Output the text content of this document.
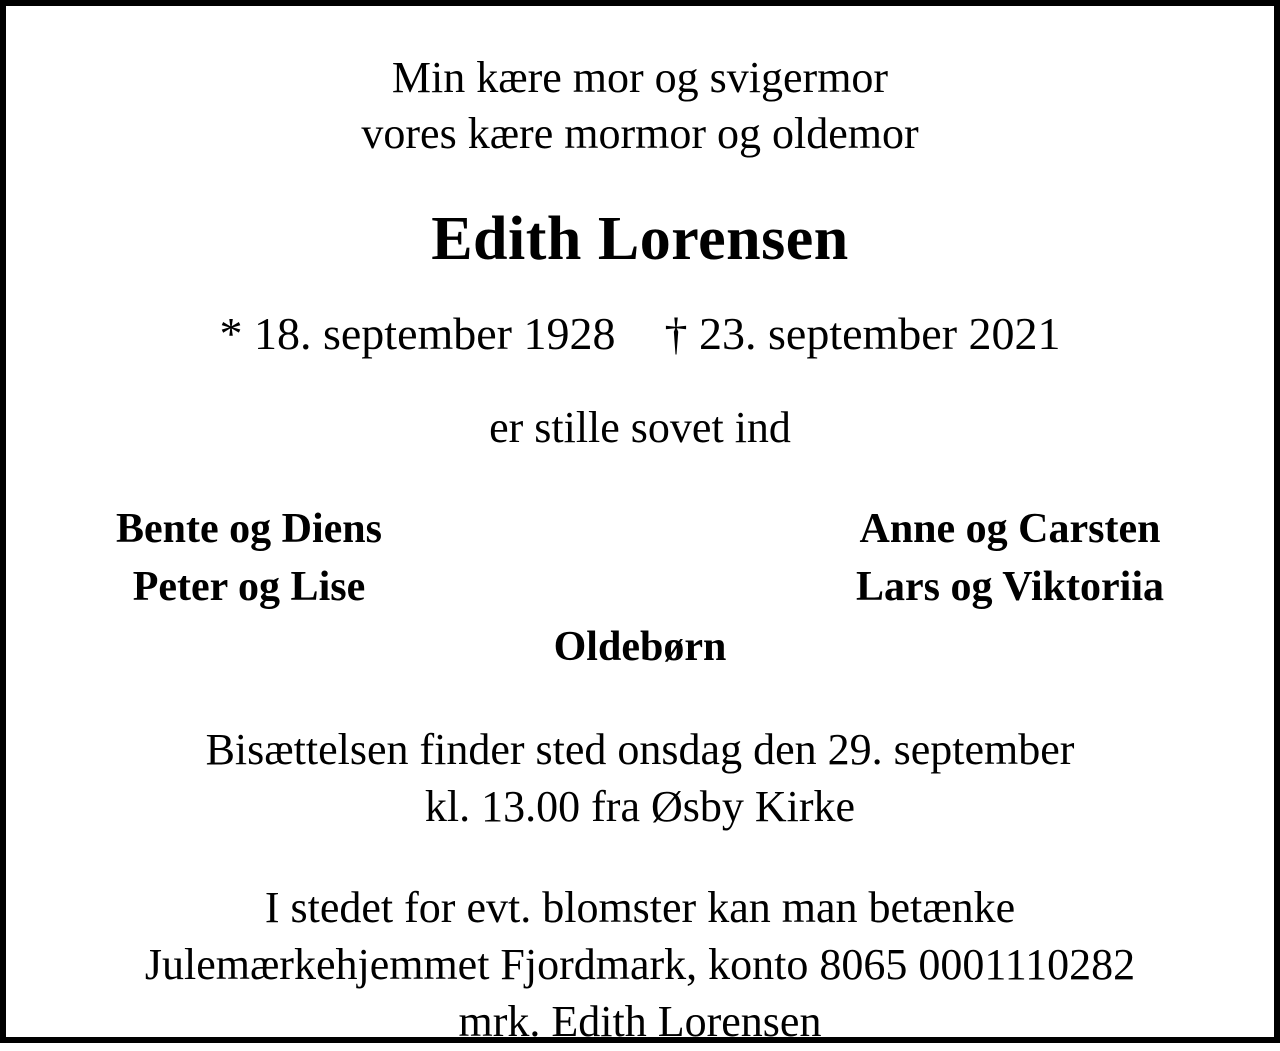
Min kære mor og svigermor
vores kære mormor og oldemor
Edith Lorensen
* 18. september 1928 † 23. september 2021
er stille sovet ind
Bente og Diens
Peter og Lise
Anne og Carsten
Lars og Viktoriia
Oldebørn
Bisættelsen finder sted onsdag den 29. september
kl. 13.00 fra Øsby Kirke
I stedet for evt. blomster kan man betænke
Julemærkehjemmet Fjordmark, konto 8065 0001110282
mrk. Edith Lorensen
